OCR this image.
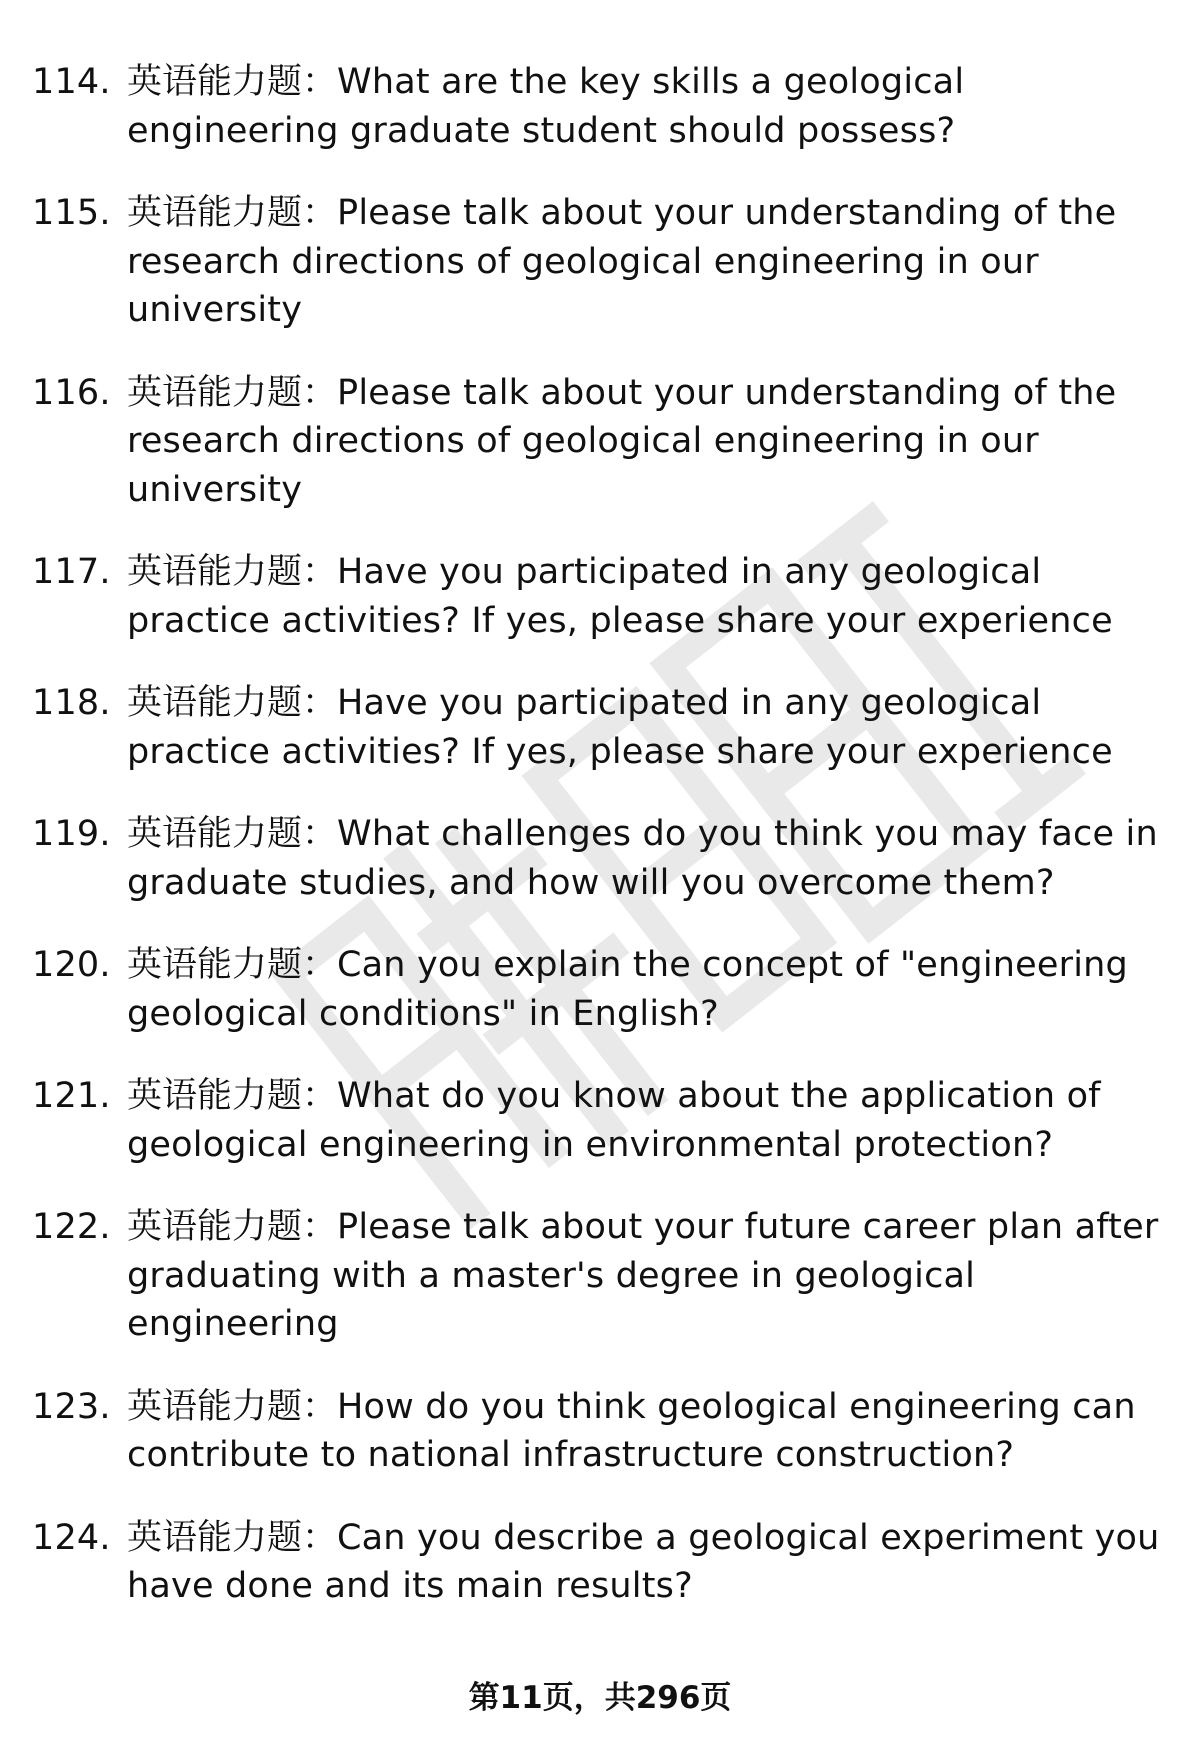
114. 英语能力题：What are the key skills a geological engineering graduate student should possess?
115. 英语能力题：Please talk about your understanding of the research directions of geological engineering in our university
116. 英语能力题：Please talk about your understanding of the research directions of geological engineering in our university
117. 英语能力题：Have you participated in any geological practice activities? If yes, please share your experience
118. 英语能力题：Have you participated in any geological practice activities? If yes, please share your experience
119. 英语能力题：What challenges do you think you may face in graduate studies, and how will you overcome them?
120. 英语能力题：Can you explain the concept of "engineering geological conditions" in English?
121. 英语能力题：What do you know about the application of geological engineering in environmental protection?
122. 英语能力题：Please talk about your future career plan after graduating with a master's degree in geological engineering
123. 英语能力题：How do you think geological engineering can contribute to national infrastructure construction?
124. 英语能力题：Can you describe a geological experiment you have done and its main results?
第11页，共296页
